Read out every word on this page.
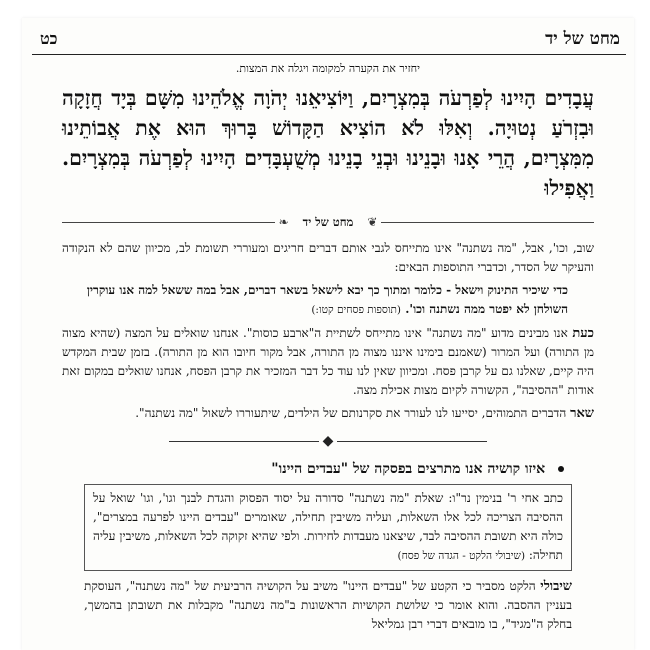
מחט של יד
כט

יחזיר את הקערה למקומה ויגלה את המצות.

עֲבָדִים הָיִינוּ לְפַרְעֹה בְּמִצְרָיִם, וַיּוֹצִיאֵנוּ יְהֹוָה אֱלֹהֵינוּ מִשָּׁם בְּיָד חֲזָקָה וּבִזְרֹעַ נְטוּיָה. וְאִלּוּ לֹא הוֹצִיא הַקָּדוֹשׁ בָּרוּךְ הוּא אֶת אֲבוֹתֵינוּ מִמִּצְרָיִם, הֲרֵי אָנוּ וּבָנֵינוּ וּבְנֵי בָנֵינוּ מְשֻׁעְבָּדִים הָיִינוּ לְפַרְעֹה בְּמִצְרָיִם. וַאֲפִילוּ

❦
מחט של יד
❧

שוב, וכו', אבל, "מה נשתנה" אינו מתייחס לגבי אותם דברים חריגים ומעוררי תשומת לב, מכיוון שהם לא הנקודה והעיקר של הסדר, וכדברי התוספות הבאים:

כדי שיכיר התינוק וישאל - כלומר ומתוך כך יבא לישאל בשאר דברים, אבל במה ששאל למה אנו עוקרין השולחן לא יפטר ממה נשתנה וכו'. (תוספות פסחים קטו:)

כעת אנו מבינים מדוע "מה נשתנה" אינו מתייחס לשתיית ה"ארבע כוסות". אנחנו שואלים על המצה (שהיא מצוה מן התורה) ועל המרור (שאמנם בימינו איננו מצוה מן התורה, אבל מקור חיובו הוא מן התורה). בזמן שבית המקדש היה קיים, שאלנו גם על קרבן פסח. ומכיוון שאין לנו עוד כל דבר המזכיר את קרבן הפסח, אנחנו שואלים במקום זאת אודות "ההסיבה", הקשורה לקיום מצות אכילת מצה.

שאר הדברים התמוהים, יסייעו לנו לעורר את סקרנותם של הילדים, שיתעוררו לשאול "מה נשתנה".

◆
איזו קושיה אנו מתרצים בפסקה של "עבדים היינו"
כתב אחי ר' בנימין נר"ו: שאלת "מה נשתנה" סדורה על יסוד הפסוק והגדת לבנך וגו', וגו' שואל על ההסיבה הצריכה לכל אלו השאלות, ועליה משיבין תחילה, שאומרים "עבדים היינו לפרעה במצרים", כולה היא תשובת ההסיבה לבד, שיצאנו מעבדות לחירות. ולפי שהיא זקוקה לכל השאלות, משיבין עליה תחילה: (שיבולי הלקט - הגדה של פסח)

שיבולי הלקט מסביר כי הקטע של "עבדים היינו" משיב על הקושיה הרביעית של "מה נשתנה", העוסקת בעניין ההסבה. והוא אומר כי שלושת הקושיות הראשונות ב"מה נשתנה" מקבלות את תשובתן בהמשך, בחלק ה"מגיד", בו מובאים דברי רבן גמליאל
